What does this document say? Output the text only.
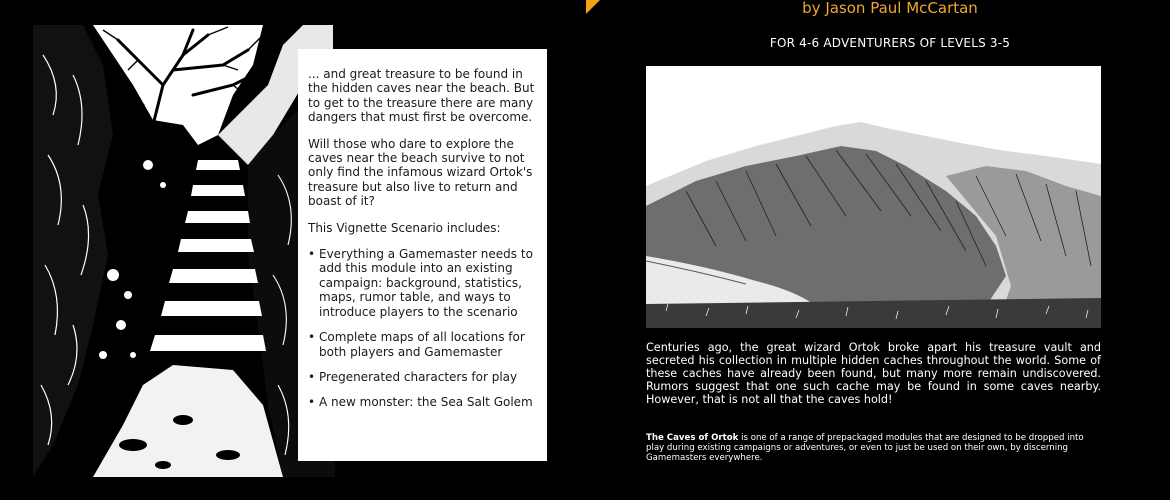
... and great treasure to be found in the hidden caves near the beach. But to get to the treasure there are many dangers that must first be overcome.

Will those who dare to explore the caves near the beach survive to not only find the infamous wizard Ortok's treasure but also live to return and boast of it?

This Vignette Scenario includes:

• Everything a Gamemaster needs to add this module into an existing campaign: background, statistics, maps, rumor table, and ways to introduce players to the scenario
• Complete maps of all locations for both players and Gamemaster
• Pregenerated characters for play
• A new monster: the Sea Salt Golem
by Jason Paul McCartan
FOR 4-6 ADVENTURERS OF LEVELS 3-5

Centuries ago, the great wizard Ortok broke apart his treasure vault and secreted his collection in multiple hidden caches throughout the world. Some of these caches have already been found, but many more remain undiscovered. Rumors suggest that one such cache may be found in some caves nearby. However, that is not all that the caves hold!

The Caves of Ortok is one of a range of prepackaged modules that are designed to be dropped into play during existing campaigns or adventures, or even to just be used on their own, by discerning Gamemasters everywhere.
